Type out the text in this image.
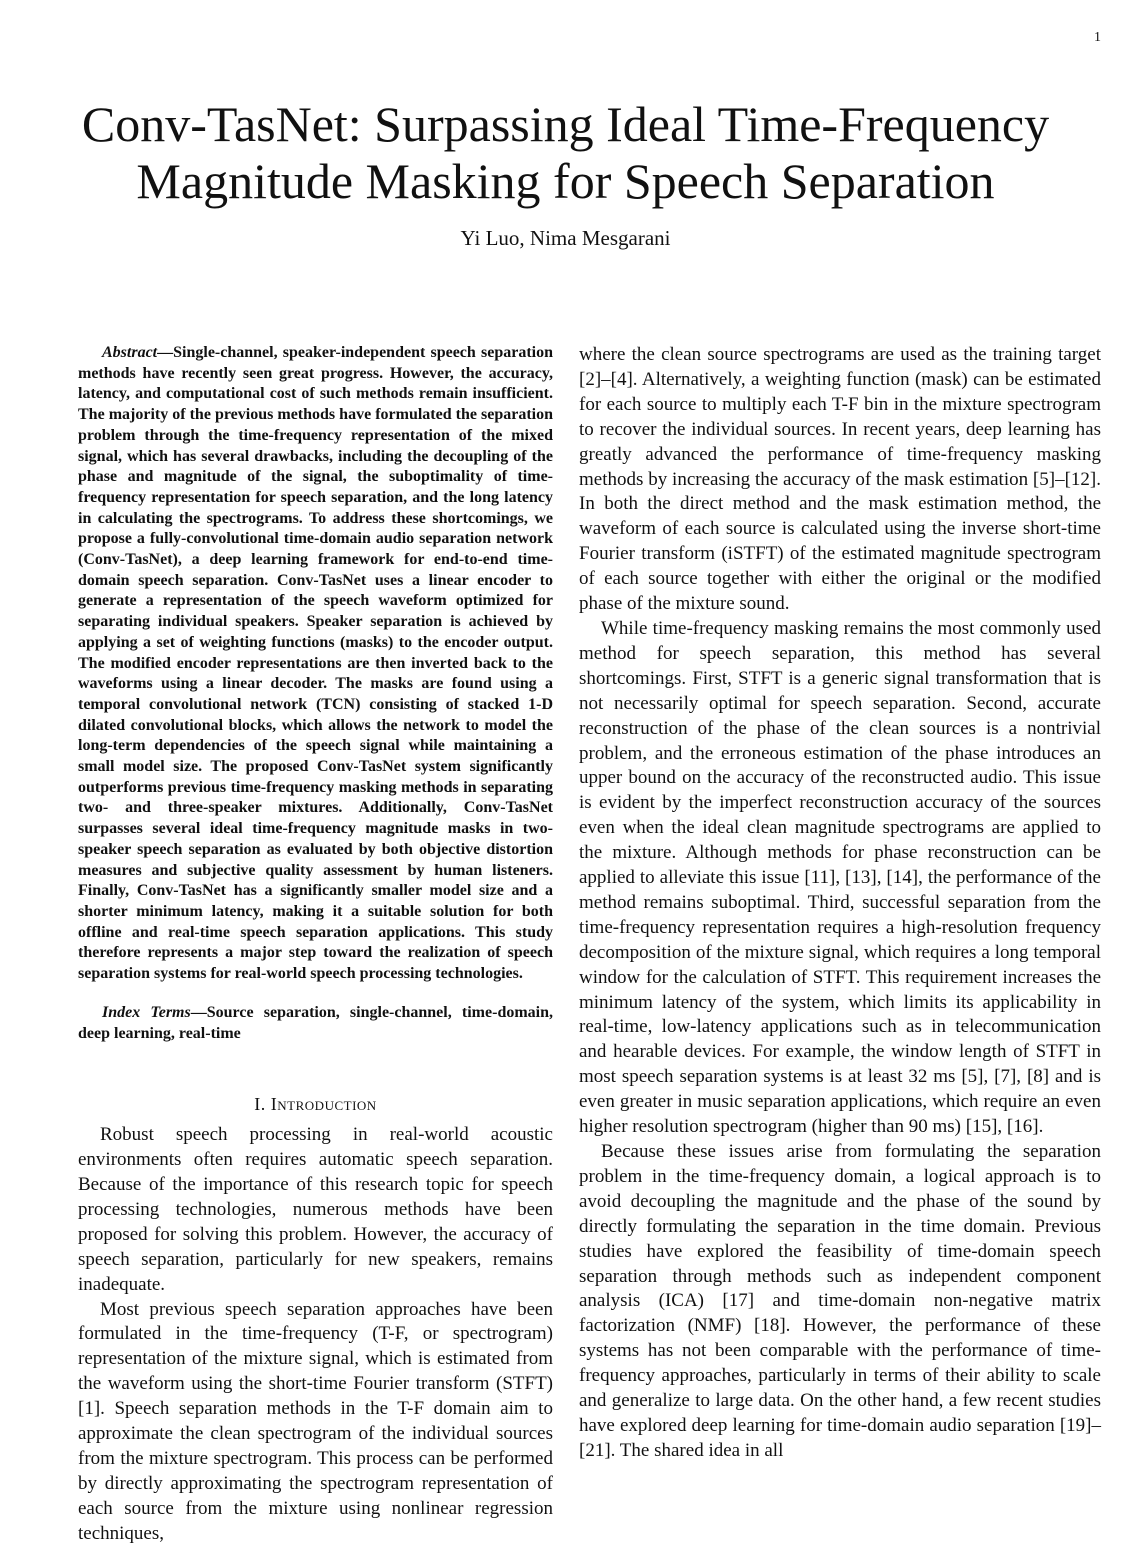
1
Conv-TasNet: Surpassing Ideal Time-Frequency
Magnitude Masking for Speech Separation
Yi Luo, Nima Mesgarani

Abstract—Single-channel, speaker-independent speech separation methods have recently seen great progress. However, the accuracy, latency, and computational cost of such methods remain insufficient. The majority of the previous methods have formulated the separation problem through the time-frequency representation of the mixed signal, which has several drawbacks, including the decoupling of the phase and magnitude of the signal, the suboptimality of time-frequency representation for speech separation, and the long latency in calculating the spectrograms. To address these shortcomings, we propose a fully-convolutional time-domain audio separation network (Conv-TasNet), a deep learning framework for end-to-end time-domain speech separation. Conv-TasNet uses a linear encoder to generate a representation of the speech waveform optimized for separating individual speakers. Speaker separation is achieved by applying a set of weighting functions (masks) to the encoder output. The modified encoder representations are then inverted back to the waveforms using a linear decoder. The masks are found using a temporal convolutional network (TCN) consisting of stacked 1-D dilated convolutional blocks, which allows the network to model the long-term dependencies of the speech signal while maintaining a small model size. The proposed Conv-TasNet system significantly outperforms previous time-frequency masking methods in separating two- and three-speaker mixtures. Additionally, Conv-TasNet surpasses several ideal time-frequency magnitude masks in two-speaker speech separation as evaluated by both objective distortion measures and subjective quality assessment by human listeners. Finally, Conv-TasNet has a significantly smaller model size and a shorter minimum latency, making it a suitable solution for both offline and real-time speech separation applications. This study therefore represents a major step toward the realization of speech separation systems for real-world speech processing technologies.

Index Terms—Source separation, single-channel, time-domain, deep learning, real-time

I. Introduction

Robust speech processing in real-world acoustic environments often requires automatic speech separation. Because of the importance of this research topic for speech processing technologies, numerous methods have been proposed for solving this problem. However, the accuracy of speech separation, particularly for new speakers, remains inadequate.

Most previous speech separation approaches have been formulated in the time-frequency (T-F, or spectrogram) representation of the mixture signal, which is estimated from the waveform using the short-time Fourier transform (STFT) [1]. Speech separation methods in the T-F domain aim to approximate the clean spectrogram of the individual sources from the mixture spectrogram. This process can be performed by directly approximating the spectrogram representation of each source from the mixture using nonlinear regression techniques,

where the clean source spectrograms are used as the training target [2]–[4]. Alternatively, a weighting function (mask) can be estimated for each source to multiply each T-F bin in the mixture spectrogram to recover the individual sources. In recent years, deep learning has greatly advanced the performance of time-frequency masking methods by increasing the accuracy of the mask estimation [5]–[12]. In both the direct method and the mask estimation method, the waveform of each source is calculated using the inverse short-time Fourier transform (iSTFT) of the estimated magnitude spectrogram of each source together with either the original or the modified phase of the mixture sound.

While time-frequency masking remains the most commonly used method for speech separation, this method has several shortcomings. First, STFT is a generic signal transformation that is not necessarily optimal for speech separation. Second, accurate reconstruction of the phase of the clean sources is a nontrivial problem, and the erroneous estimation of the phase introduces an upper bound on the accuracy of the reconstructed audio. This issue is evident by the imperfect reconstruction accuracy of the sources even when the ideal clean magnitude spectrograms are applied to the mixture. Although methods for phase reconstruction can be applied to alleviate this issue [11], [13], [14], the performance of the method remains suboptimal. Third, successful separation from the time-frequency representation requires a high-resolution frequency decomposition of the mixture signal, which requires a long temporal window for the calculation of STFT. This requirement increases the minimum latency of the system, which limits its applicability in real-time, low-latency applications such as in telecommunication and hearable devices. For example, the window length of STFT in most speech separation systems is at least 32 ms [5], [7], [8] and is even greater in music separation applications, which require an even higher resolution spectrogram (higher than 90 ms) [15], [16].

Because these issues arise from formulating the separation problem in the time-frequency domain, a logical approach is to avoid decoupling the magnitude and the phase of the sound by directly formulating the separation in the time domain. Previous studies have explored the feasibility of time-domain speech separation through methods such as independent component analysis (ICA) [17] and time-domain non-negative matrix factorization (NMF) [18]. However, the performance of these systems has not been comparable with the performance of time-frequency approaches, particularly in terms of their ability to scale and generalize to large data. On the other hand, a few recent studies have explored deep learning for time-domain audio separation [19]–[21]. The shared idea in all
